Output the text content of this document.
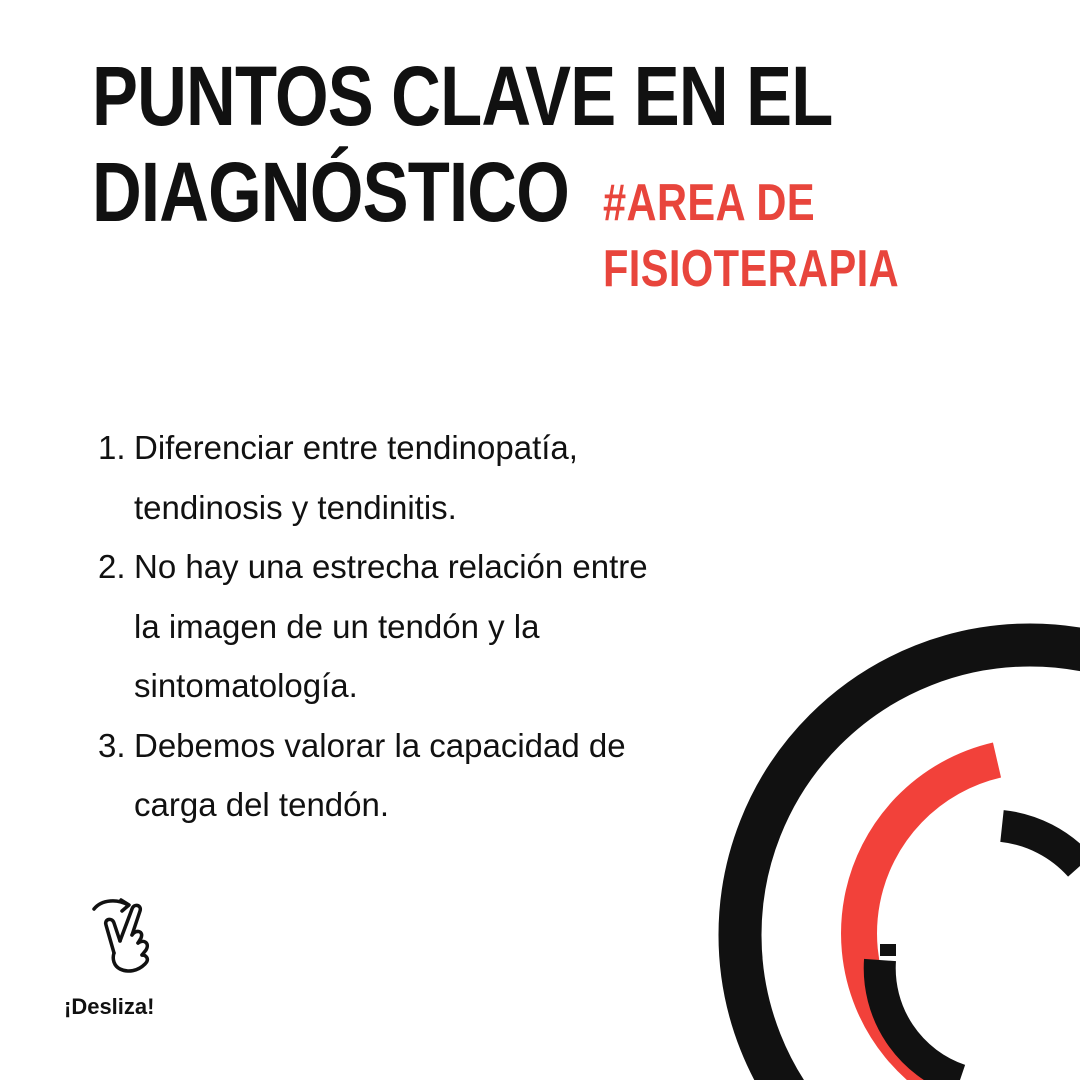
PUNTOS CLAVE EN EL
DIAGNÓSTICO #AREA DE
FISIOTERAPIA
1. Diferenciar entre tendinopatía,
tendinosis y tendinitis.
2. No hay una estrecha relación entre
la imagen de un tendón y la
sintomatología.
3. Debemos valorar la capacidad de
carga del tendón.
¡Desliza!
